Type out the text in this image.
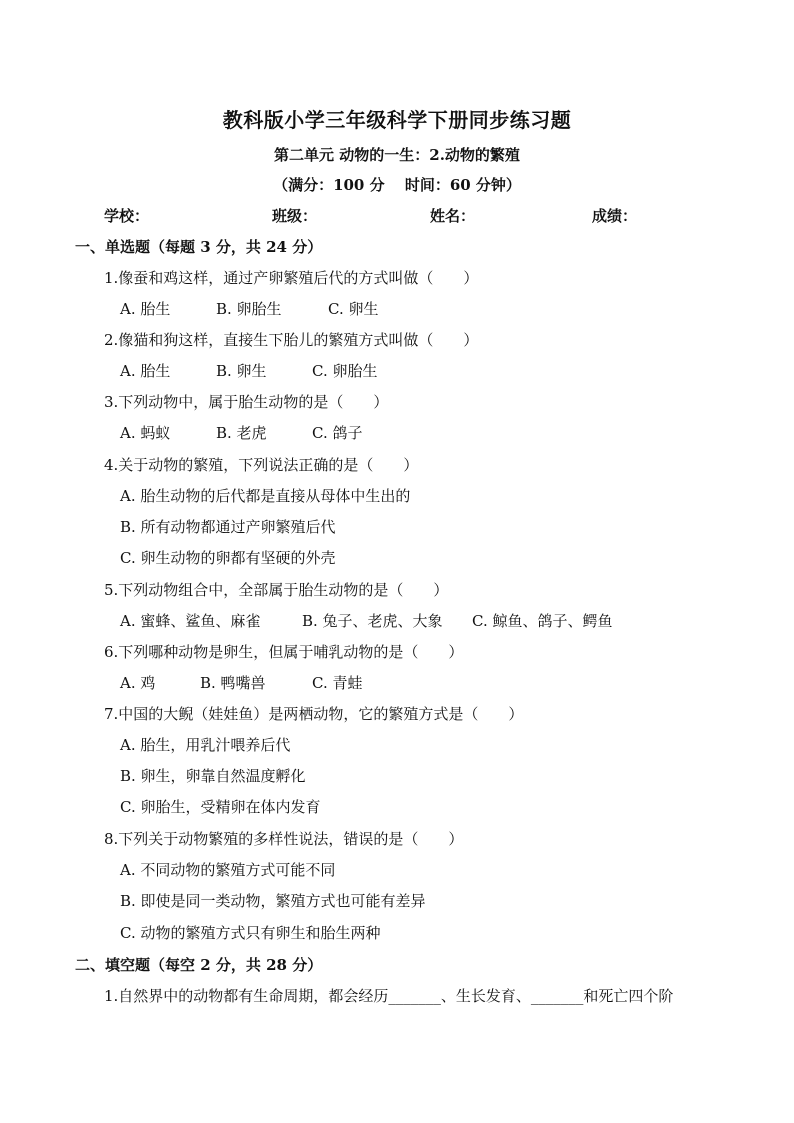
教科版小学三年级科学下册同步练习题
第二单元 动物的一生：2.动物的繁殖
（满分：100 分　 时间：60 分钟）
学校：	班级：	姓名：	成绩：
一、单选题（每题 3 分，共 24 分）
1.像蚕和鸡这样，通过产卵繁殖后代的方式叫做（　　）
A. 胎生	B. 卵胎生	C. 卵生
2.像猫和狗这样，直接生下胎儿的繁殖方式叫做（　　）
A. 胎生	B. 卵生	C. 卵胎生
3.下列动物中，属于胎生动物的是（　　）
A. 蚂蚁	B. 老虎	C. 鸽子
4.关于动物的繁殖，下列说法正确的是（　　）
A. 胎生动物的后代都是直接从母体中生出的
B. 所有动物都通过产卵繁殖后代
C. 卵生动物的卵都有坚硬的外壳
5.下列动物组合中，全部属于胎生动物的是（　　）
A. 蜜蜂、鲨鱼、麻雀	B. 兔子、老虎、大象 C. 鲸鱼、鸽子、鳄鱼
6.下列哪种动物是卵生，但属于哺乳动物的是（　　）
A. 鸡	B. 鸭嘴兽	C. 青蛙
7.中国的大鲵（娃娃鱼）是两栖动物，它的繁殖方式是（　　）
A. 胎生，用乳汁喂养后代
B. 卵生，卵靠自然温度孵化
C. 卵胎生，受精卵在体内发育
8.下列关于动物繁殖的多样性说法，错误的是（　　）
A. 不同动物的繁殖方式可能不同
B. 即使是同一类动物，繁殖方式也可能有差异
C. 动物的繁殖方式只有卵生和胎生两种
二、填空题（每空 2 分，共 28 分）
1.自然界中的动物都有生命周期，都会经历_______、生长发育、_______和死亡四个阶
